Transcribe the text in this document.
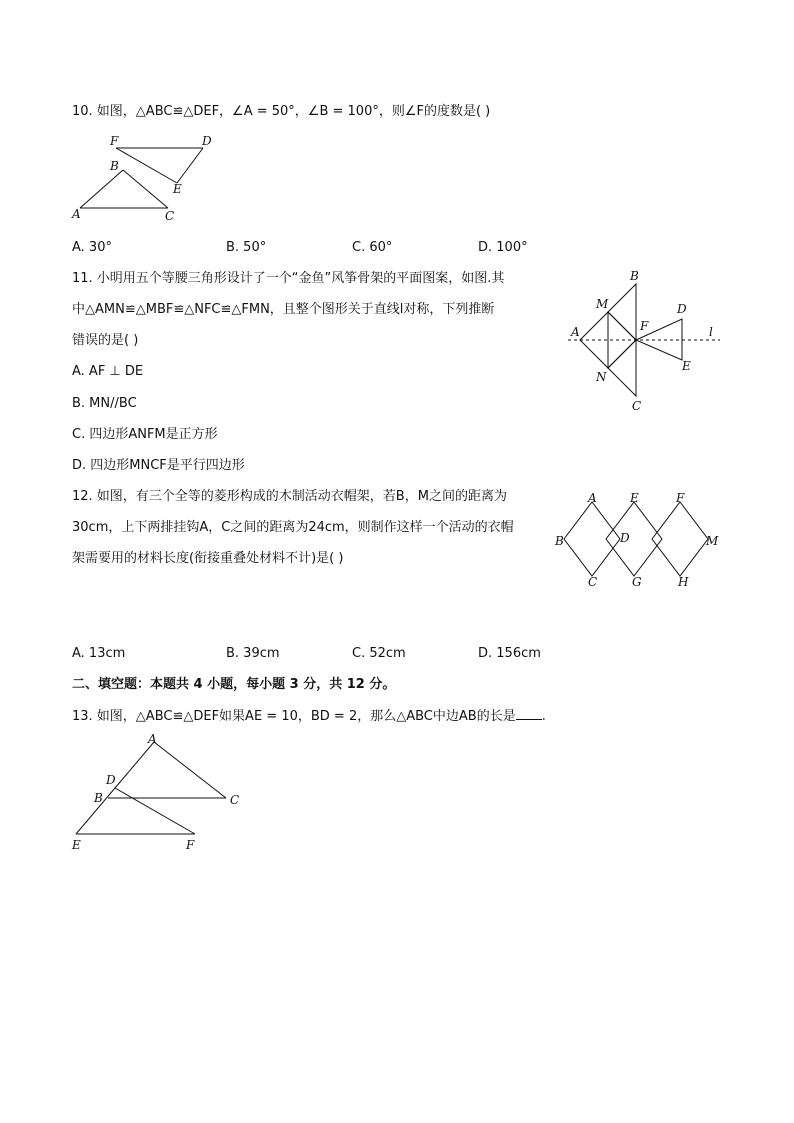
10. 如图，△ABC≌△DEF，∠A = 50°，∠B = 100°，则∠F的度数是( )
F	D
B
E
A	C
A. 30°	B. 50°	C. 60°	D. 100°
11. 小明用五个等腰三角形设计了一个“金鱼”风筝骨架的平面图案，如图.其
中△AMN≌△MBF≌△NFC≌△FMN，且整个图形关于直线l对称，下列推断
错误的是( )
A. AF ⊥ DE
B. MN//BC
C. 四边形ANFM是正方形
D. 四边形MNCF是平行四边形
B
M	D
A	F	l
N
E
C
12. 如图，有三个全等的菱形构成的木制活动衣帽架，若B，M之间的距离为
30cm，上下两排挂钩A，C之间的距离为24cm，则制作这样一个活动的衣帽
架需要用的材料长度(衔接重叠处材料不计)是( )
A	E	F
B	D	M
C	G	H
A. 13cm	B. 39cm	C. 52cm	D. 156cm
二、填空题：本题共 4 小题，每小题 3 分，共 12 分。
13. 如图，△ABC≌△DEF如果AE = 10，BD = 2，那么△ABC中边AB的长是 .
A
D
B	C
E	F
